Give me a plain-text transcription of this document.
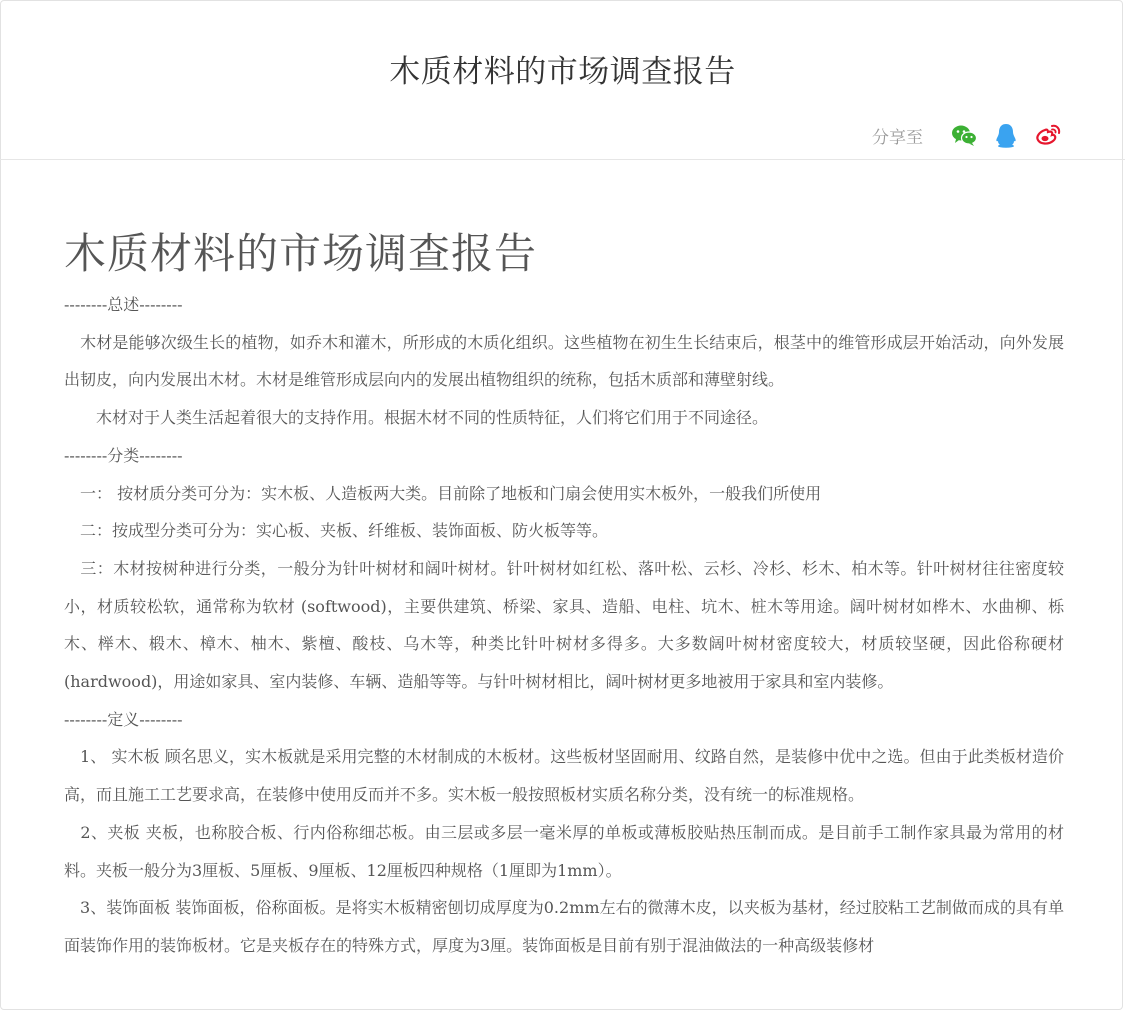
木质材料的市场调查报告
分享至
木质材料的市场调查报告

--------总述--------

　木材是能够次级生长的植物，如乔木和灌木，所形成的木质化组织。这些植物在初生生长结束后，根茎中的维管形成层开始活动，向外发展出韧皮，向内发展出木材。木材是维管形成层向内的发展出植物组织的统称，包括木质部和薄壁射线。

　　木材对于人类生活起着很大的支持作用。根据木材不同的性质特征，人们将它们用于不同途径。

--------分类--------

　一： 按材质分类可分为：实木板、人造板两大类。目前除了地板和门扇会使用实木板外，一般我们所使用

　二：按成型分类可分为：实心板、夹板、纤维板、装饰面板、防火板等等。

　三：木材按树种进行分类，一般分为针叶树材和阔叶树材。针叶树材如红松、落叶松、云杉、冷杉、杉木、柏木等。针叶树材往往密度较小，材质较松软，通常称为软材 (softwood)，主要供建筑、桥梁、家具、造船、电柱、坑木、桩木等用途。阔叶树材如桦木、水曲柳、栎木、榉木、椴木、樟木、柚木、紫檀、酸枝、乌木等，种类比针叶树材多得多。大多数阔叶树材密度较大，材质较坚硬，因此俗称硬材(hardwood)，用途如家具、室内装修、车辆、造船等等。与针叶树材相比，阔叶树材更多地被用于家具和室内装修。

--------定义--------

　1、 实木板 顾名思义，实木板就是采用完整的木材制成的木板材。这些板材坚固耐用、纹路自然，是装修中优中之选。但由于此类板材造价高，而且施工工艺要求高，在装修中使用反而并不多。实木板一般按照板材实质名称分类，没有统一的标准规格。

　2、夹板 夹板，也称胶合板、行内俗称细芯板。由三层或多层一毫米厚的单板或薄板胶贴热压制而成。是目前手工制作家具最为常用的材料。夹板一般分为3厘板、5厘板、9厘板、12厘板四种规格（1厘即为1mm）。

　3、装饰面板 装饰面板，俗称面板。是将实木板精密刨切成厚度为0.2mm左右的微薄木皮，以夹板为基材，经过胶粘工艺制做而成的具有单面装饰作用的装饰板材。它是夹板存在的特殊方式，厚度为3厘。装饰面板是目前有别于混油做法的一种高级装修材
